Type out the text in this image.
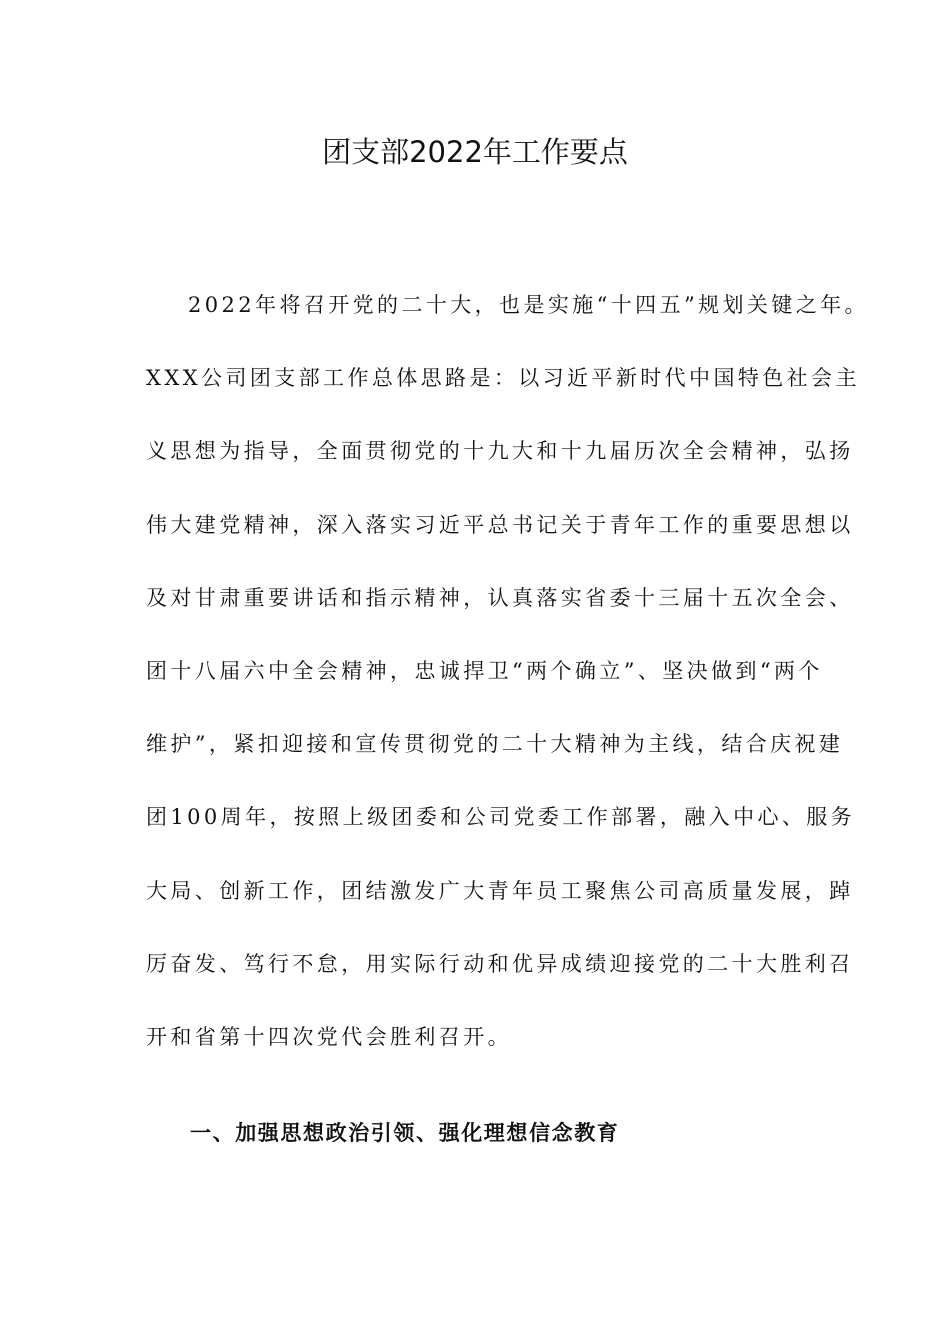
团支部2022年工作要点
2022年将召开党的二十大，也是实施“十四五”规划关键之年。
XXX公司团支部工作总体思路是：以习近平新时代中国特色社会主
义思想为指导，全面贯彻党的十九大和十九届历次全会精神，弘扬
伟大建党精神，深入落实习近平总书记关于青年工作的重要思想以
及对甘肃重要讲话和指示精神，认真落实省委十三届十五次全会、
团十八届六中全会精神，忠诚捍卫“两个确立”、坚决做到“两个
维护”，紧扣迎接和宣传贯彻党的二十大精神为主线，结合庆祝建
团100周年，按照上级团委和公司党委工作部署，融入中心、服务
大局、创新工作，团结激发广大青年员工聚焦公司高质量发展，踔
厉奋发、笃行不怠，用实际行动和优异成绩迎接党的二十大胜利召
开和省第十四次党代会胜利召开。
一、加强思想政治引领、强化理想信念教育
